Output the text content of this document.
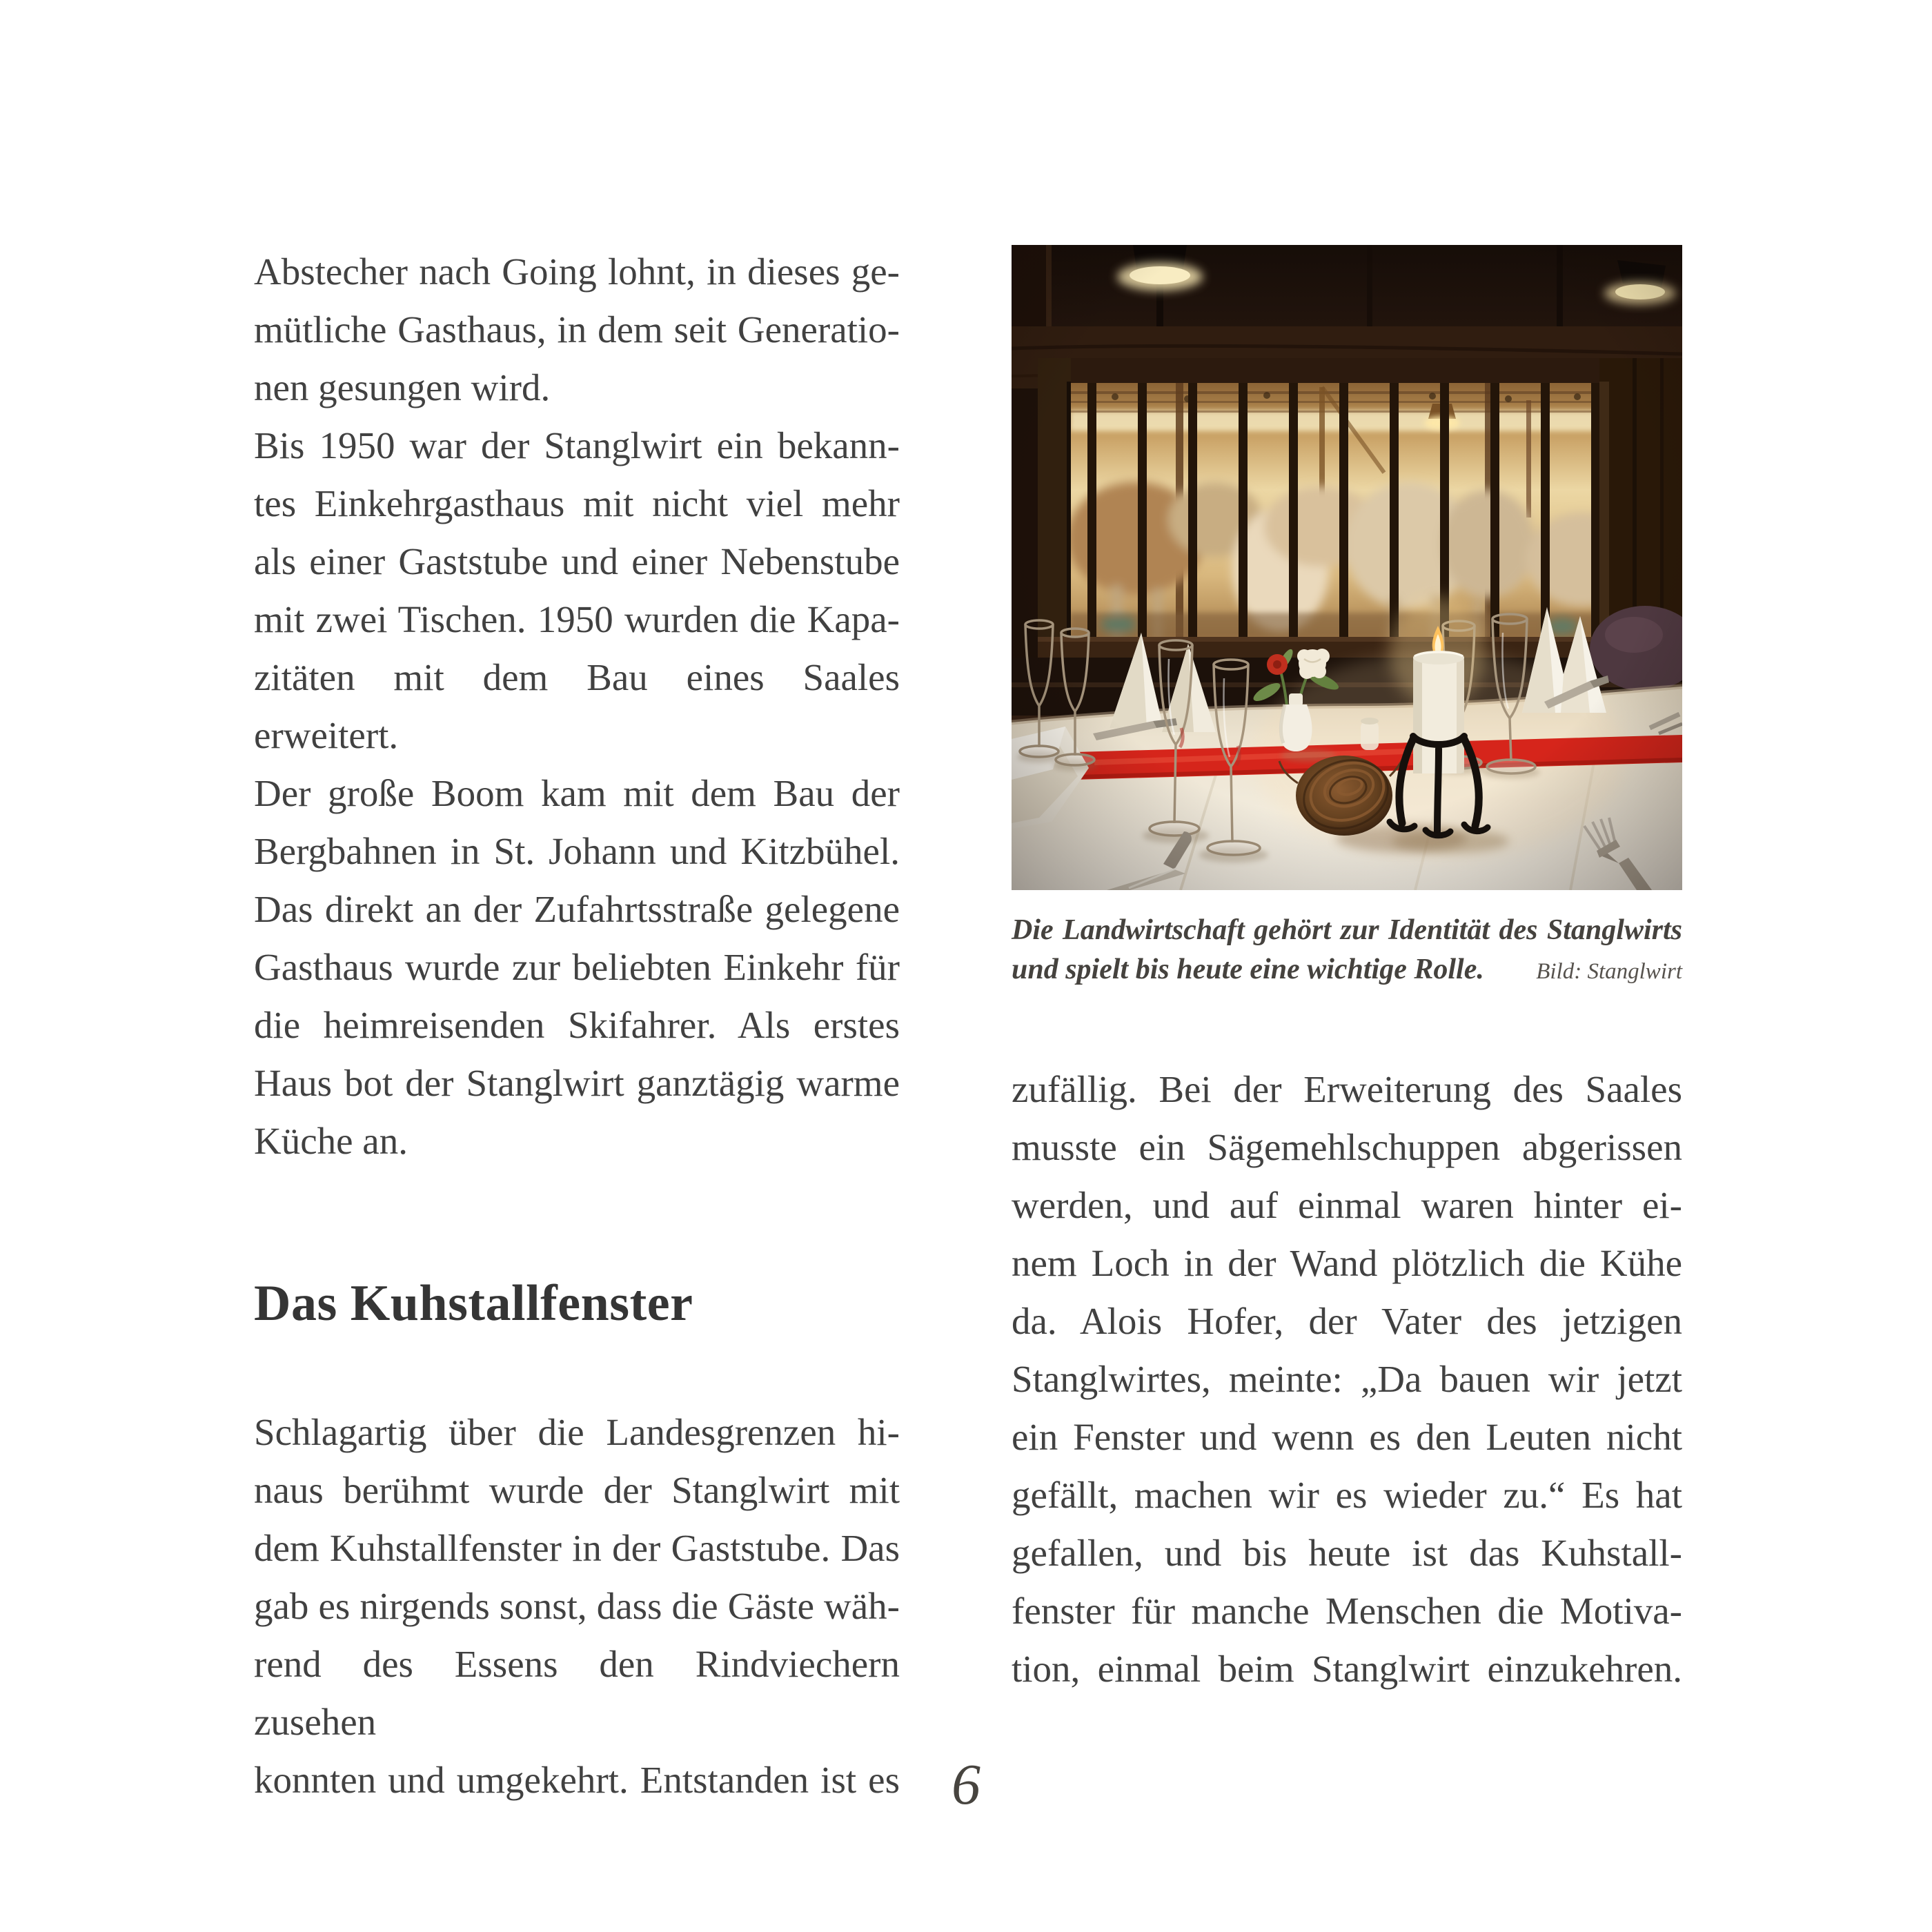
Abstecher nach Going lohnt, in dieses ge-
mütliche Gasthaus, in dem seit Generatio-
nen gesungen wird.
Bis 1950 war der Stanglwirt ein bekann-
tes Einkehrgasthaus mit nicht viel mehr
als einer Gaststube und einer Nebenstube
mit zwei Tischen. 1950 wurden die Kapa-
zitäten mit dem Bau eines Saales erweitert.
Der große Boom kam mit dem Bau der
Bergbahnen in St. Johann und Kitzbühel.
Das direkt an der Zufahrtsstraße gelegene
Gasthaus wurde zur beliebten Einkehr für
die heimreisenden Skifahrer. Als erstes
Haus bot der Stanglwirt ganztägig warme
Küche an.
Das Kuhstallfenster
Schlagartig über die Landesgrenzen hi-
naus berühmt wurde der Stanglwirt mit
dem Kuhstallfenster in der Gaststube. Das
gab es nirgends sonst, dass die Gäste wäh-
rend des Essens den Rindviechern zusehen
konnten und umgekehrt. Entstanden ist es
Die Landwirtschaft gehört zur Identität des Stanglwirts
und spielt bis heute eine wichtige Rolle. Bild: Stanglwirt
zufällig. Bei der Erweiterung des Saales
musste ein Sägemehlschuppen abgerissen
werden, und auf einmal waren hinter ei-
nem Loch in der Wand plötzlich die Kühe
da. Alois Hofer, der Vater des jetzigen
Stanglwirtes, meinte: „Da bauen wir jetzt
ein Fenster und wenn es den Leuten nicht
gefällt, machen wir es wieder zu.“ Es hat
gefallen, und bis heute ist das Kuhstall-
fenster für manche Menschen die Motiva-
tion, einmal beim Stanglwirt einzukehren.
6
